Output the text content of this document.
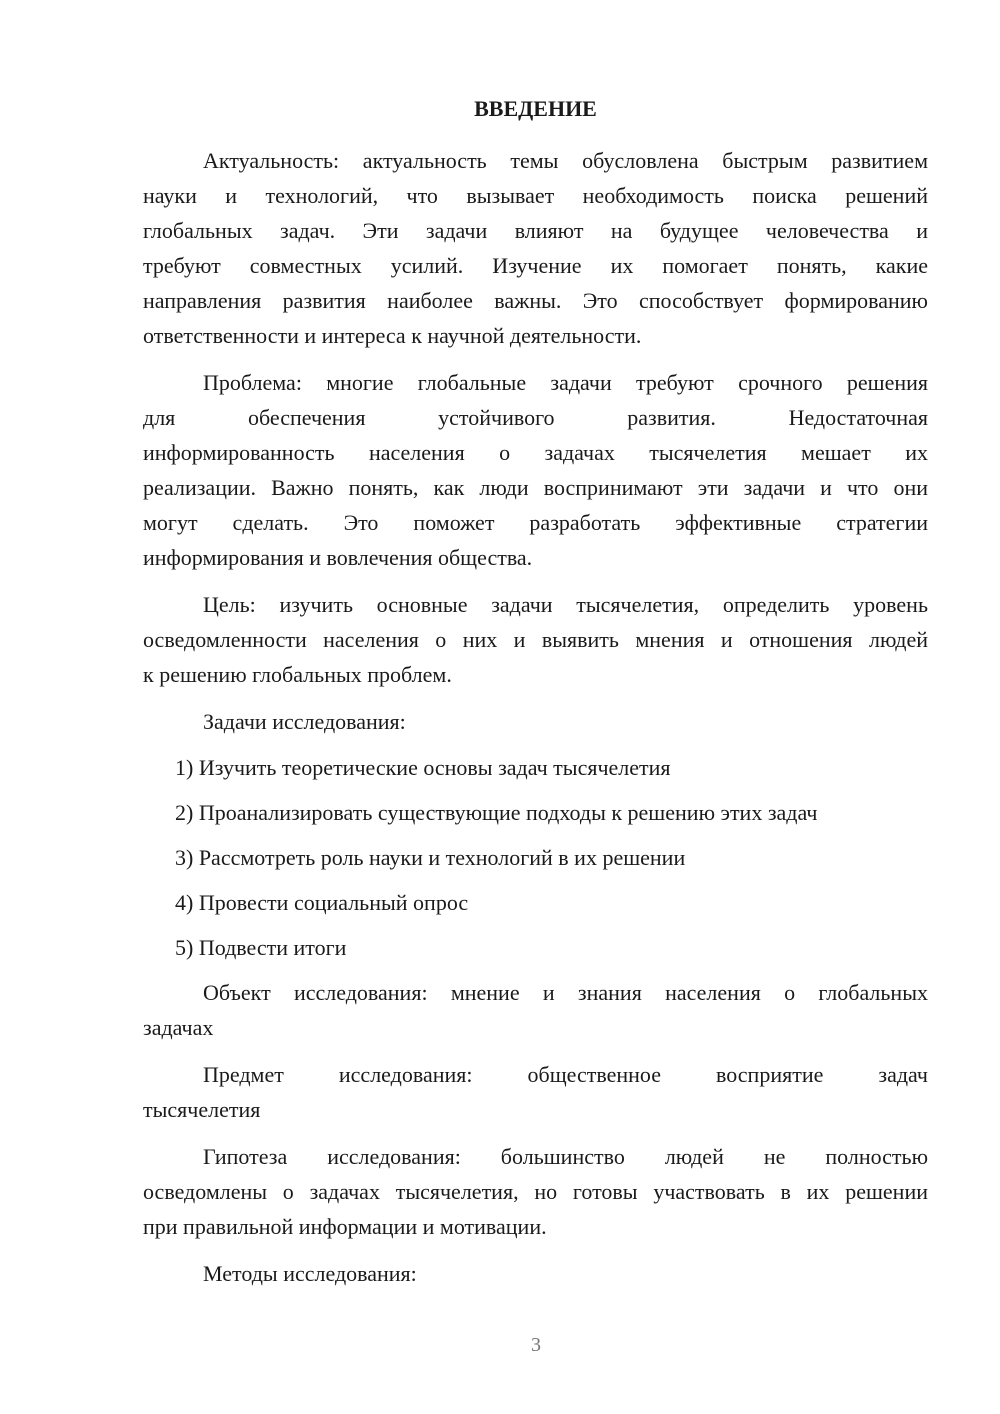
ВВЕДЕНИЕ
Актуальность: актуальность темы обусловлена быстрым развитием
науки и технологий, что вызывает необходимость поиска решений
глобальных задач. Эти задачи влияют на будущее человечества и
требуют совместных усилий. Изучение их помогает понять, какие
направления развития наиболее важны. Это способствует формированию
ответственности и интереса к научной деятельности.
Проблема: многие глобальные задачи требуют срочного решения
для обеспечения устойчивого развития. Недостаточная
информированность населения о задачах тысячелетия мешает их
реализации. Важно понять, как люди воспринимают эти задачи и что они
могут сделать. Это поможет разработать эффективные стратегии
информирования и вовлечения общества.
Цель: изучить основные задачи тысячелетия, определить уровень
осведомленности населения о них и выявить мнения и отношения людей
к решению глобальных проблем.
Задачи исследования:
1) Изучить теоретические основы задач тысячелетия
2) Проанализировать существующие подходы к решению этих задач
3) Рассмотреть роль науки и технологий в их решении
4) Провести социальный опрос
5) Подвести итоги
Объект исследования: мнение и знания населения о глобальных
задачах
Предмет исследования: общественное восприятие задач
тысячелетия
Гипотеза исследования: большинство людей не полностью
осведомлены о задачах тысячелетия, но готовы участвовать в их решении
при правильной информации и мотивации.
Методы исследования:
3
